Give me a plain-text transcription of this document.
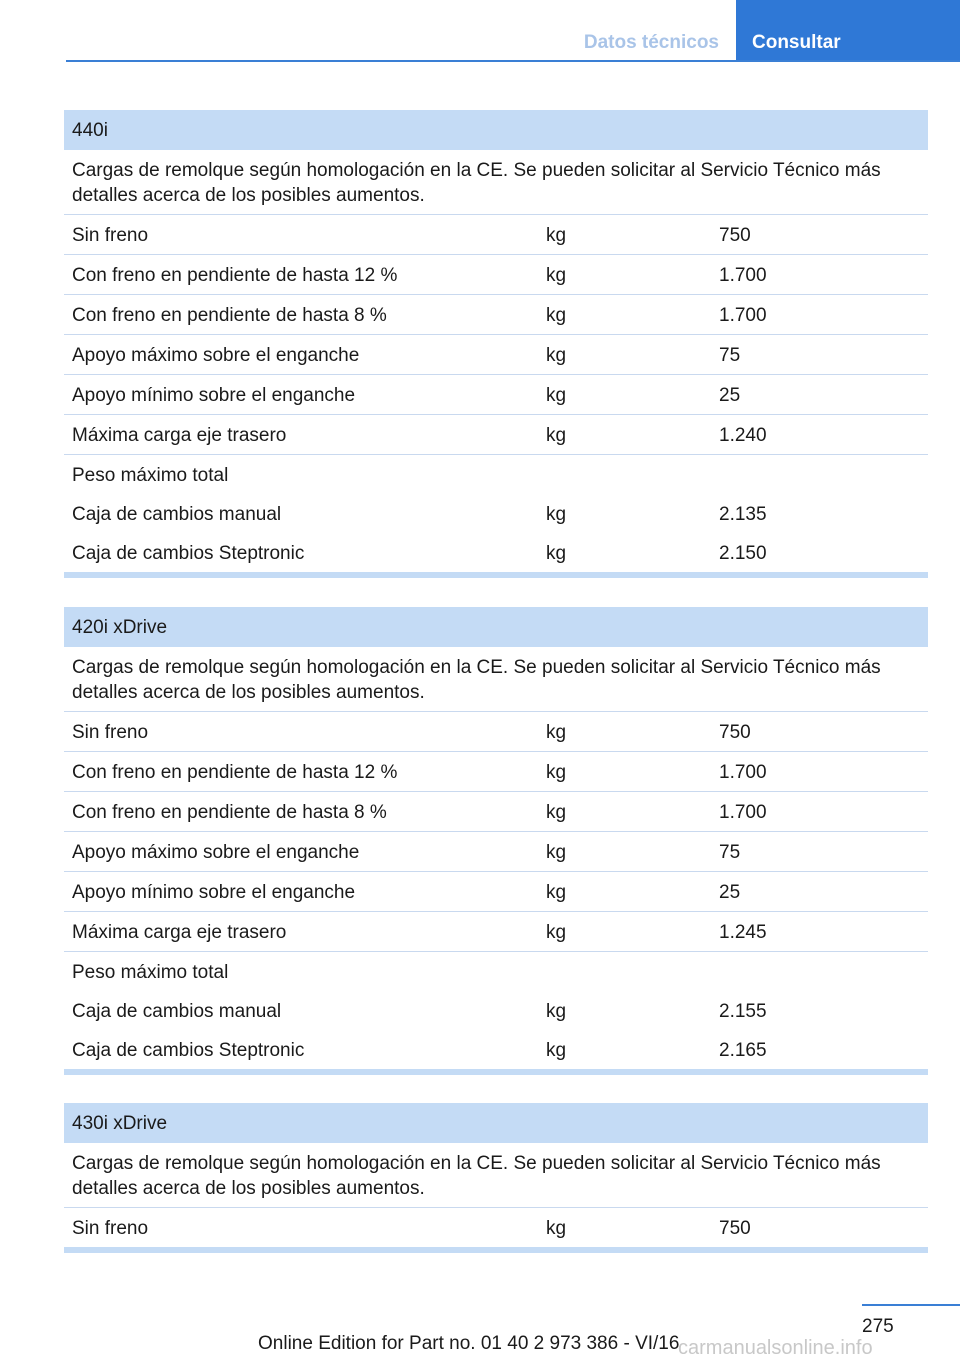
Datos técnicos Consultar
440i
Cargas de remolque según homologación en la CE. Se pueden solicitar al Servicio Técnico más detalles acerca de los posibles aumentos.
Sin freno	kg	750
Con freno en pendiente de hasta 12 %	kg	1.700
Con freno en pendiente de hasta 8 %	kg	1.700
Apoyo máximo sobre el enganche	kg	75
Apoyo mínimo sobre el enganche	kg	25
Máxima carga eje trasero	kg	1.240
Peso máximo total
Caja de cambios manual	kg	2.135
Caja de cambios Steptronic	kg	2.150
420i xDrive
Cargas de remolque según homologación en la CE. Se pueden solicitar al Servicio Técnico más detalles acerca de los posibles aumentos.
Sin freno	kg	750
Con freno en pendiente de hasta 12 %	kg	1.700
Con freno en pendiente de hasta 8 %	kg	1.700
Apoyo máximo sobre el enganche	kg	75
Apoyo mínimo sobre el enganche	kg	25
Máxima carga eje trasero	kg	1.245
Peso máximo total
Caja de cambios manual	kg	2.155
Caja de cambios Steptronic	kg	2.165
430i xDrive
Cargas de remolque según homologación en la CE. Se pueden solicitar al Servicio Técnico más detalles acerca de los posibles aumentos.
Sin freno	kg	750
275
Online Edition for Part no. 01 40 2 973 386 - VI/16
carmanualsonline.info
